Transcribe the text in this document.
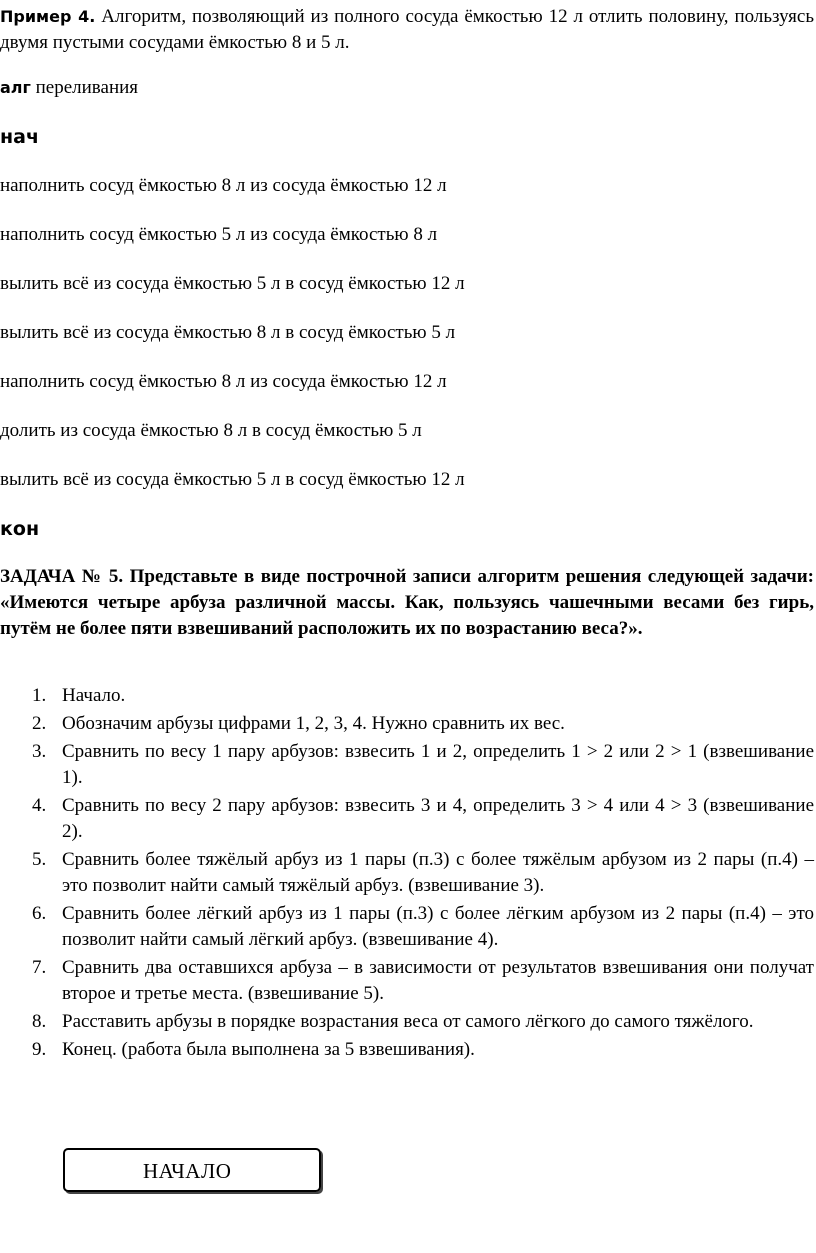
Пример 4. Алгоритм, позволяющий из полного сосуда ёмкостью 12 л отлить половину, пользуясь двумя пустыми сосудами ёмкостью 8 и 5 л.
алг переливания
нач
наполнить сосуд ёмкостью 8 л из сосуда ёмкостью 12 л
наполнить сосуд ёмкостью 5 л из сосуда ёмкостью 8 л
вылить всё из сосуда ёмкостью 5 л в сосуд ёмкостью 12 л
вылить всё из сосуда ёмкостью 8 л в сосуд ёмкостью 5 л
наполнить сосуд ёмкостью 8 л из сосуда ёмкостью 12 л
долить из сосуда ёмкостью 8 л в сосуд ёмкостью 5 л
вылить всё из сосуда ёмкостью 5 л в сосуд ёмкостью 12 л
кон
ЗАДАЧА № 5. Представьте в виде построчной записи алгоритм решения следующей задачи: «Имеются четыре арбуза различной массы. Как, пользуясь чашечными весами без гирь, путём не более пяти взвешиваний расположить их по возрастанию веса?».
1. Начало.
2. Обозначим арбузы цифрами 1, 2, 3, 4. Нужно сравнить их вес.
3. Сравнить по весу 1 пару арбузов: взвесить 1 и 2, определить 1 > 2 или 2 > 1 (взвешивание 1).
4. Сравнить по весу 2 пару арбузов: взвесить 3 и 4, определить 3 > 4 или 4 > 3 (взвешивание 2).
5. Сравнить более тяжёлый арбуз из 1 пары (п.3) с более тяжёлым арбузом из 2 пары (п.4) – это позволит найти самый тяжёлый арбуз. (взвешивание 3).
6. Сравнить более лёгкий арбуз из 1 пары (п.3) с более лёгким арбузом из 2 пары (п.4) – это позволит найти самый лёгкий арбуз. (взвешивание 4).
7. Сравнить два оставшихся арбуза – в зависимости от результатов взвешивания они получат второе и третье места. (взвешивание 5).
8. Расставить арбузы в порядке возрастания веса от самого лёгкого до самого тяжёлого.
9. Конец. (работа была выполнена за 5 взвешивания).
НАЧАЛО
